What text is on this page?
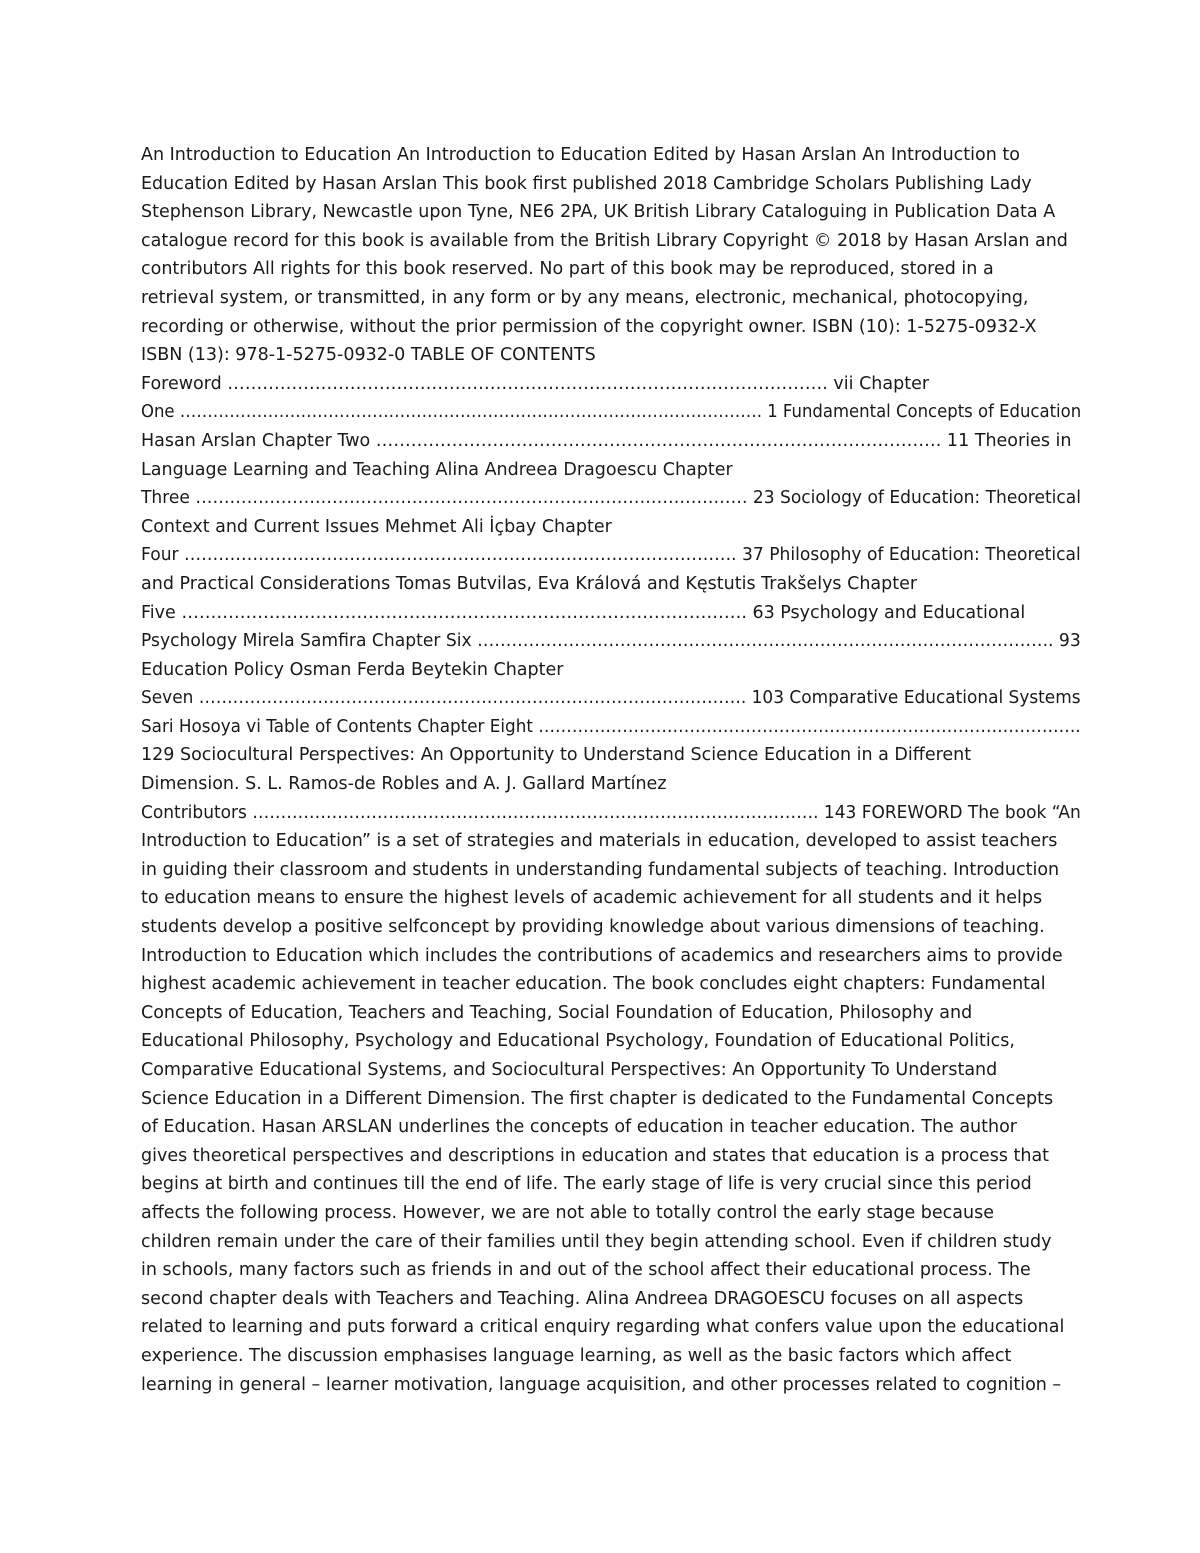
An Introduction to Education An Introduction to Education Edited by Hasan Arslan An Introduction to
Education Edited by Hasan Arslan This book first published 2018 Cambridge Scholars Publishing Lady
Stephenson Library, Newcastle upon Tyne, NE6 2PA, UK British Library Cataloguing in Publication Data A
catalogue record for this book is available from the British Library Copyright © 2018 by Hasan Arslan and
contributors All rights for this book reserved. No part of this book may be reproduced, stored in a
retrieval system, or transmitted, in any form or by any means, electronic, mechanical, photocopying,
recording or otherwise, without the prior permission of the copyright owner. ISBN (10): 1-5275-0932-X
ISBN (13): 978-1-5275-0932-0 TABLE OF CONTENTS
Foreword …………………………………………………………………………………………. vii Chapter
One ……………………………………………………………………………………………. 1 Fundamental Concepts of Education
Hasan Arslan Chapter Two ……………………………………………………………………………………. 11 Theories in
Language Learning and Teaching Alina Andreea Dragoescu Chapter
Three ……………………………………………………………………………………. 23 Sociology of Education: Theoretical
Context and Current Issues Mehmet Ali İçbay Chapter
Four ……………………………………………………………………………………. 37 Philosophy of Education: Theoretical
and Practical Considerations Tomas Butvilas, Eva Králová and Kęstutis Trakšelys Chapter
Five ……………………………………………………………………………………. 63 Psychology and Educational
Psychology Mirela Samfira Chapter Six ……………………………………………………………………………………….. 93
Education Policy Osman Ferda Beytekin Chapter
Seven ……………………………………………………………………………………. 103 Comparative Educational Systems
Sari Hosoya vi Table of Contents Chapter Eight …………………………………………………………………………………….
129 Sociocultural Perspectives: An Opportunity to Understand Science Education in a Different
Dimension. S. L. Ramos-de Robles and A. J. Gallard Martínez
Contributors ………………………………………………………………………………………. 143 FOREWORD The book “An
Introduction to Education” is a set of strategies and materials in education, developed to assist teachers
in guiding their classroom and students in understanding fundamental subjects of teaching. Introduction
to education means to ensure the highest levels of academic achievement for all students and it helps
students develop a positive selfconcept by providing knowledge about various dimensions of teaching.
Introduction to Education which includes the contributions of academics and researchers aims to provide
highest academic achievement in teacher education. The book concludes eight chapters: Fundamental
Concepts of Education, Teachers and Teaching, Social Foundation of Education, Philosophy and
Educational Philosophy, Psychology and Educational Psychology, Foundation of Educational Politics,
Comparative Educational Systems, and Sociocultural Perspectives: An Opportunity To Understand
Science Education in a Different Dimension. The first chapter is dedicated to the Fundamental Concepts
of Education. Hasan ARSLAN underlines the concepts of education in teacher education. The author
gives theoretical perspectives and descriptions in education and states that education is a process that
begins at birth and continues till the end of life. The early stage of life is very crucial since this period
affects the following process. However, we are not able to totally control the early stage because
children remain under the care of their families until they begin attending school. Even if children study
in schools, many factors such as friends in and out of the school affect their educational process. The
second chapter deals with Teachers and Teaching. Alina Andreea DRAGOESCU focuses on all aspects
related to learning and puts forward a critical enquiry regarding what confers value upon the educational
experience. The discussion emphasises language learning, as well as the basic factors which affect
learning in general – learner motivation, language acquisition, and other processes related to cognition –
